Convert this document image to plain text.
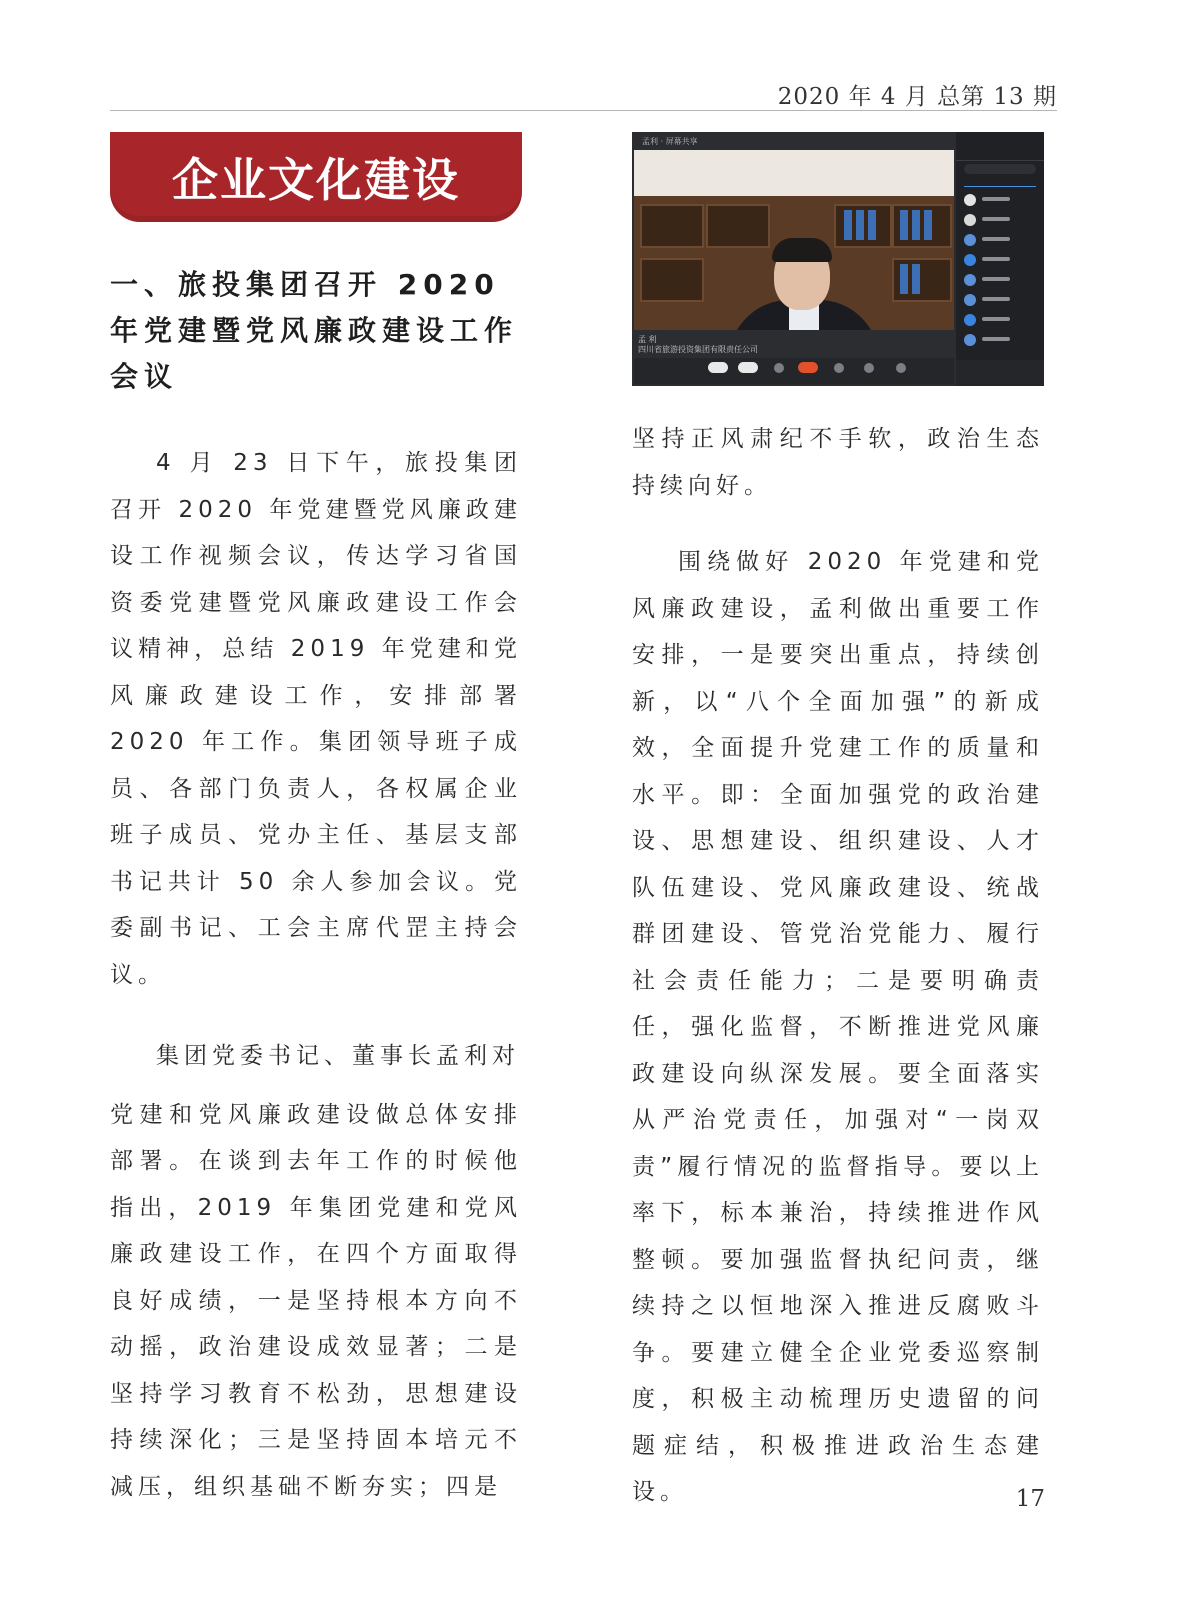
2020 年 4 月 总第 13 期
企业文化建设
一、旅投集团召开 2020 年党建暨党风廉政建设工作会议

4 月 23 日下午，旅投集团召开 2020 年党建暨党风廉政建设工作视频会议，传达学习省国资委党建暨党风廉政建设工作会议精神，总结 2019 年党建和党风廉政建设工作，安排部署 2020 年工作。集团领导班子成员、各部门负责人，各权属企业班子成员、党办主任、基层支部书记共计 50 余人参加会议。党委副书记、工会主席代罡主持会议。

集团党委书记、董事长孟利对

党建和党风廉政建设做总体安排部署。在谈到去年工作的时候他指出，2019 年集团党建和党风廉政建设工作，在四个方面取得良好成绩，一是坚持根本方向不动摇，政治建设成效显著；二是坚持学习教育不松劲，思想建设持续深化；三是坚持固本培元不减压，组织基础不断夯实；四是

孟利 · 屏幕共享
孟 利
四川省旅游投资集团有限责任公司

坚持正风肃纪不手软，政治生态持续向好。

围绕做好 2020 年党建和党风廉政建设，孟利做出重要工作安排，一是要突出重点，持续创新，以“八个全面加强”的新成效，全面提升党建工作的质量和水平。即：全面加强党的政治建设、思想建设、组织建设、人才队伍建设、党风廉政建设、统战群团建设、管党治党能力、履行社会责任能力；二是要明确责任，强化监督，不断推进党风廉政建设向纵深发展。要全面落实从严治党责任，加强对“一岗双责”履行情况的监督指导。要以上率下，标本兼治，持续推进作风整顿。要加强监督执纪问责，继续持之以恒地深入推进反腐败斗争。要建立健全企业党委巡察制度，积极主动梳理历史遗留的问题症结，积极推进政治生态建设。	17
